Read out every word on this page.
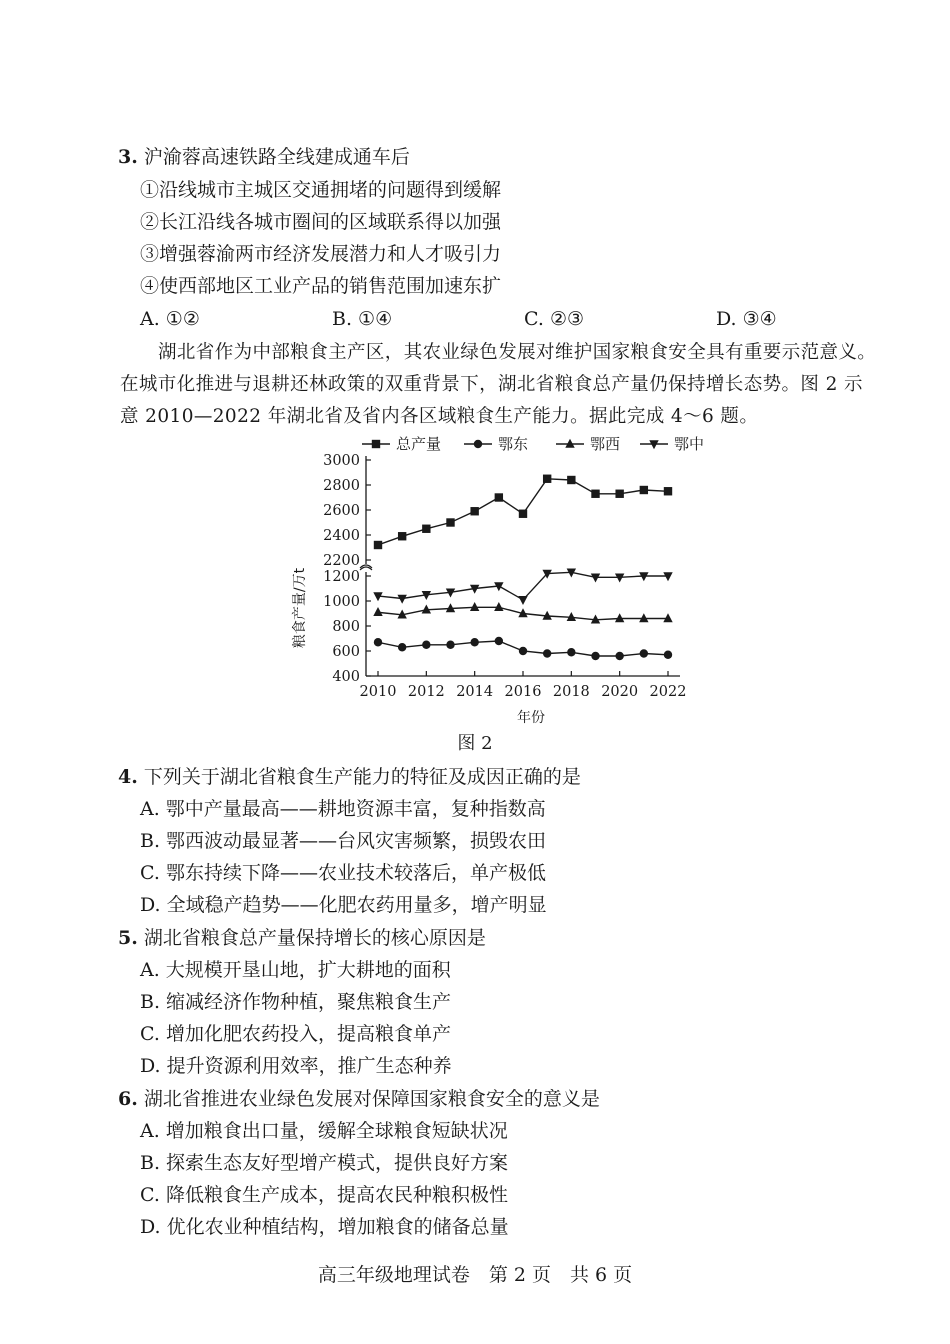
3. 沪渝蓉高速铁路全线建成通车后
①沿线城市主城区交通拥堵的问题得到缓解
②长江沿线各城市圈间的区域联系得以加强
③增强蓉渝两市经济发展潜力和人才吸引力
④使西部地区工业产品的销售范围加速东扩
A. ①②	B. ①④	C. ②③	D. ③④
湖北省作为中部粮食主产区，其农业绿色发展对维护国家粮食安全具有重要示范意义。
在城市化推进与退耕还林政策的双重背景下，湖北省粮食总产量仍保持增长态势。图 2 示
意 2010—2022 年湖北省及省内各区域粮食生产能力。据此完成 4～6 题。
总产量	鄂东	鄂西	鄂中
2200
2400
2600
2800
3000
400
600
800
1000
1200
2010 2012 2014 2016 2018 2020 2022
年份
粮食产量/万t
图 2
4. 下列关于湖北省粮食生产能力的特征及成因正确的是
A. 鄂中产量最高——耕地资源丰富，复种指数高
B. 鄂西波动最显著——台风灾害频繁，损毁农田
C. 鄂东持续下降——农业技术较落后，单产极低
D. 全域稳产趋势——化肥农药用量多，增产明显
5. 湖北省粮食总产量保持增长的核心原因是
A. 大规模开垦山地，扩大耕地的面积
B. 缩减经济作物种植，聚焦粮食生产
C. 增加化肥农药投入，提高粮食单产
D. 提升资源利用效率，推广生态种养
6. 湖北省推进农业绿色发展对保障国家粮食安全的意义是
A. 增加粮食出口量，缓解全球粮食短缺状况
B. 探索生态友好型增产模式，提供良好方案
C. 降低粮食生产成本，提高农民种粮积极性
D. 优化农业种植结构，增加粮食的储备总量
高三年级地理试卷　第 2 页　共 6 页
